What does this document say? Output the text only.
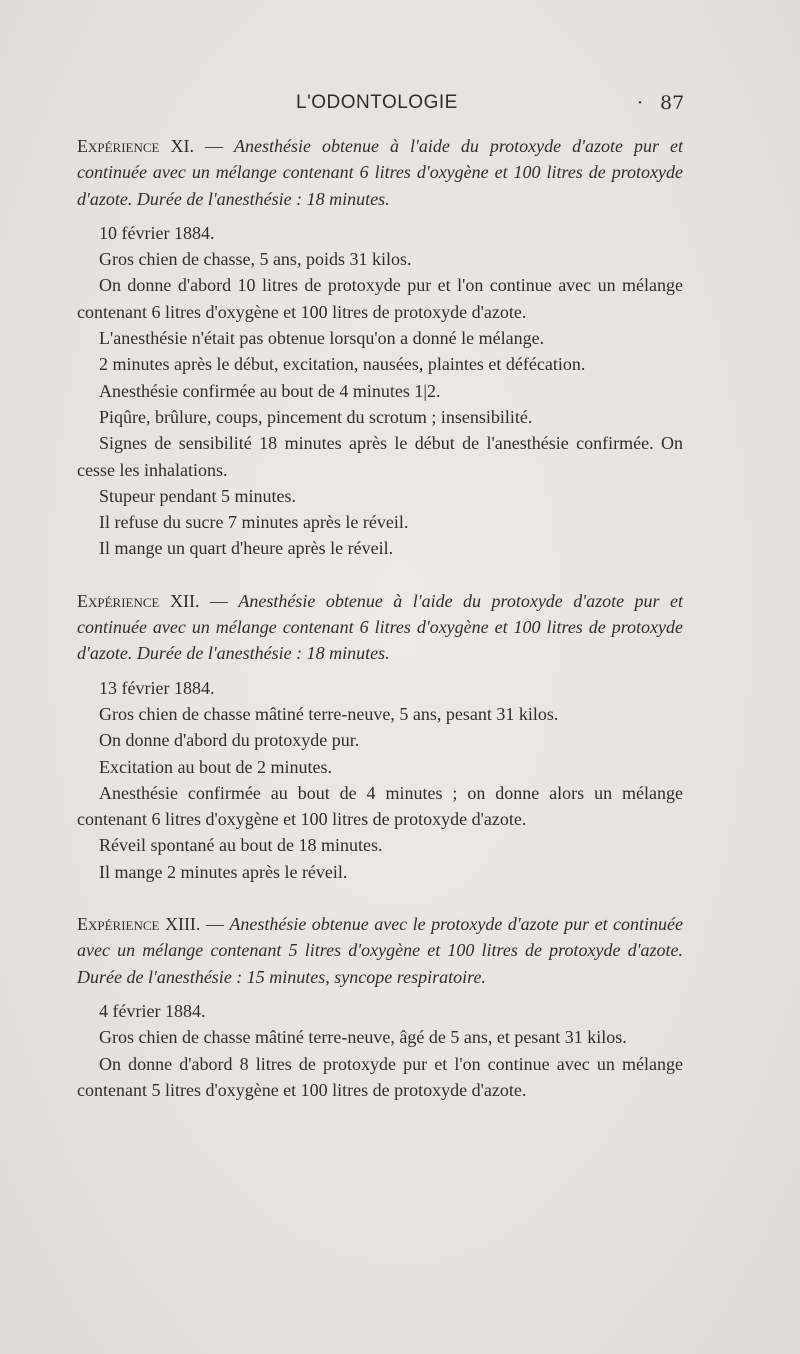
L'ODONTOLOGIE	· 87

Expérience XI. — Anesthésie obtenue à l'aide du protoxyde d'azote pur et continuée avec un mélange contenant 6 litres d'oxygène et 100 litres de protoxyde d'azote. Durée de l'anesthésie : 18 minutes.

10 février 1884.

Gros chien de chasse, 5 ans, poids 31 kilos.

On donne d'abord 10 litres de protoxyde pur et l'on continue avec un mélange contenant 6 litres d'oxygène et 100 litres de protoxyde d'azote.

L'anesthésie n'était pas obtenue lorsqu'on a donné le mélange.

2 minutes après le début, excitation, nausées, plaintes et défécation.

Anesthésie confirmée au bout de 4 minutes 1|2.

Piqûre, brûlure, coups, pincement du scrotum ; insensibilité.

Signes de sensibilité 18 minutes après le début de l'anesthésie confirmée. On cesse les inhalations.

Stupeur pendant 5 minutes.

Il refuse du sucre 7 minutes après le réveil.

Il mange un quart d'heure après le réveil.

Expérience XII. — Anesthésie obtenue à l'aide du protoxyde d'azote pur et continuée avec un mélange contenant 6 litres d'oxygène et 100 litres de protoxyde d'azote. Durée de l'anesthésie : 18 minutes.

13 février 1884.

Gros chien de chasse mâtiné terre-neuve, 5 ans, pesant 31 kilos.

On donne d'abord du protoxyde pur.

Excitation au bout de 2 minutes.

Anesthésie confirmée au bout de 4 minutes ; on donne alors un mélange contenant 6 litres d'oxygène et 100 litres de protoxyde d'azote.

Réveil spontané au bout de 18 minutes.

Il mange 2 minutes après le réveil.

Expérience XIII. — Anesthésie obtenue avec le protoxyde d'azote pur et continuée avec un mélange contenant 5 litres d'oxygène et 100 litres de protoxyde d'azote. Durée de l'anesthésie : 15 minutes, syncope respiratoire.

4 février 1884.

Gros chien de chasse mâtiné terre-neuve, âgé de 5 ans, et pesant 31 kilos.

On donne d'abord 8 litres de protoxyde pur et l'on continue avec un mélange contenant 5 litres d'oxygène et 100 litres de protoxyde d'azote.
